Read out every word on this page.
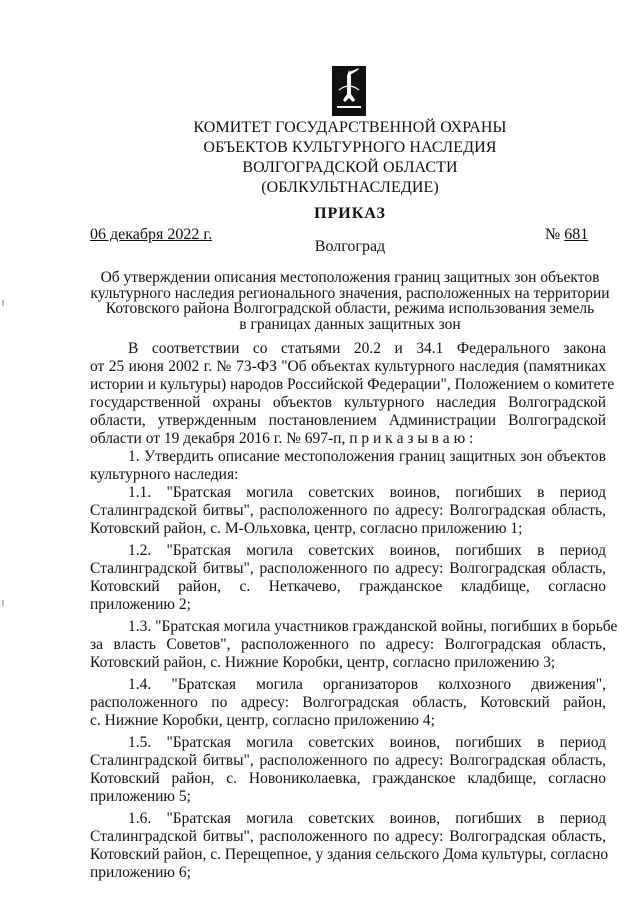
КОМИТЕТ ГОСУДАРСТВЕННОЙ ОХРАНЫ
ОБЪЕКТОВ КУЛЬТУРНОГО НАСЛЕДИЯ
ВОЛГОГРАДСКОЙ ОБЛАСТИ
(ОБЛКУЛЬТНАСЛЕДИЕ)
ПРИКАЗ
06 декабря 2022 г.	№ 681
Волгоград
Об утверждении описания местоположения границ защитных зон объектов
культурного наследия регионального значения, расположенных на территории
Котовского района Волгоградской области, режима использования земель
в границах данных защитных зон
В соответствии со статьями 20.2 и 34.1 Федерального закона
от 25 июня 2002 г. № 73-ФЗ "Об объектах культурного наследия (памятниках
истории и культуры) народов Российской Федерации", Положением о комитете
государственной охраны объектов культурного наследия Волгоградской
области, утвержденным постановлением Администрации Волгоградской
области от 19 декабря 2016 г. № 697-п, п р и к а з ы в а ю :
1. Утвердить описание местоположения границ защитных зон объектов
культурного наследия:
1.1. "Братская могила советских воинов, погибших в период
Сталинградской битвы", расположенного по адресу: Волгоградская область,
Котовский район, с. М-Ольховка, центр, согласно приложению 1;
1.2. "Братская могила советских воинов, погибших в период
Сталинградской битвы", расположенного по адресу: Волгоградская область,
Котовский район, с. Неткачево, гражданское кладбище, согласно
приложению 2;
1.3. "Братская могила участников гражданской войны, погибших в борьбе
за власть Советов", расположенного по адресу: Волгоградская область,
Котовский район, с. Нижние Коробки, центр, согласно приложению 3;
1.4. "Братская могила организаторов колхозного движения",
расположенного по адресу: Волгоградская область, Котовский район,
с. Нижние Коробки, центр, согласно приложению 4;
1.5. "Братская могила советских воинов, погибших в период
Сталинградской битвы", расположенного по адресу: Волгоградская область,
Котовский район, с. Новониколаевка, гражданское кладбище, согласно
приложению 5;
1.6. "Братская могила советских воинов, погибших в период
Сталинградской битвы", расположенного по адресу: Волгоградская область,
Котовский район, с. Перещепное, у здания сельского Дома культуры, согласно
приложению 6;
